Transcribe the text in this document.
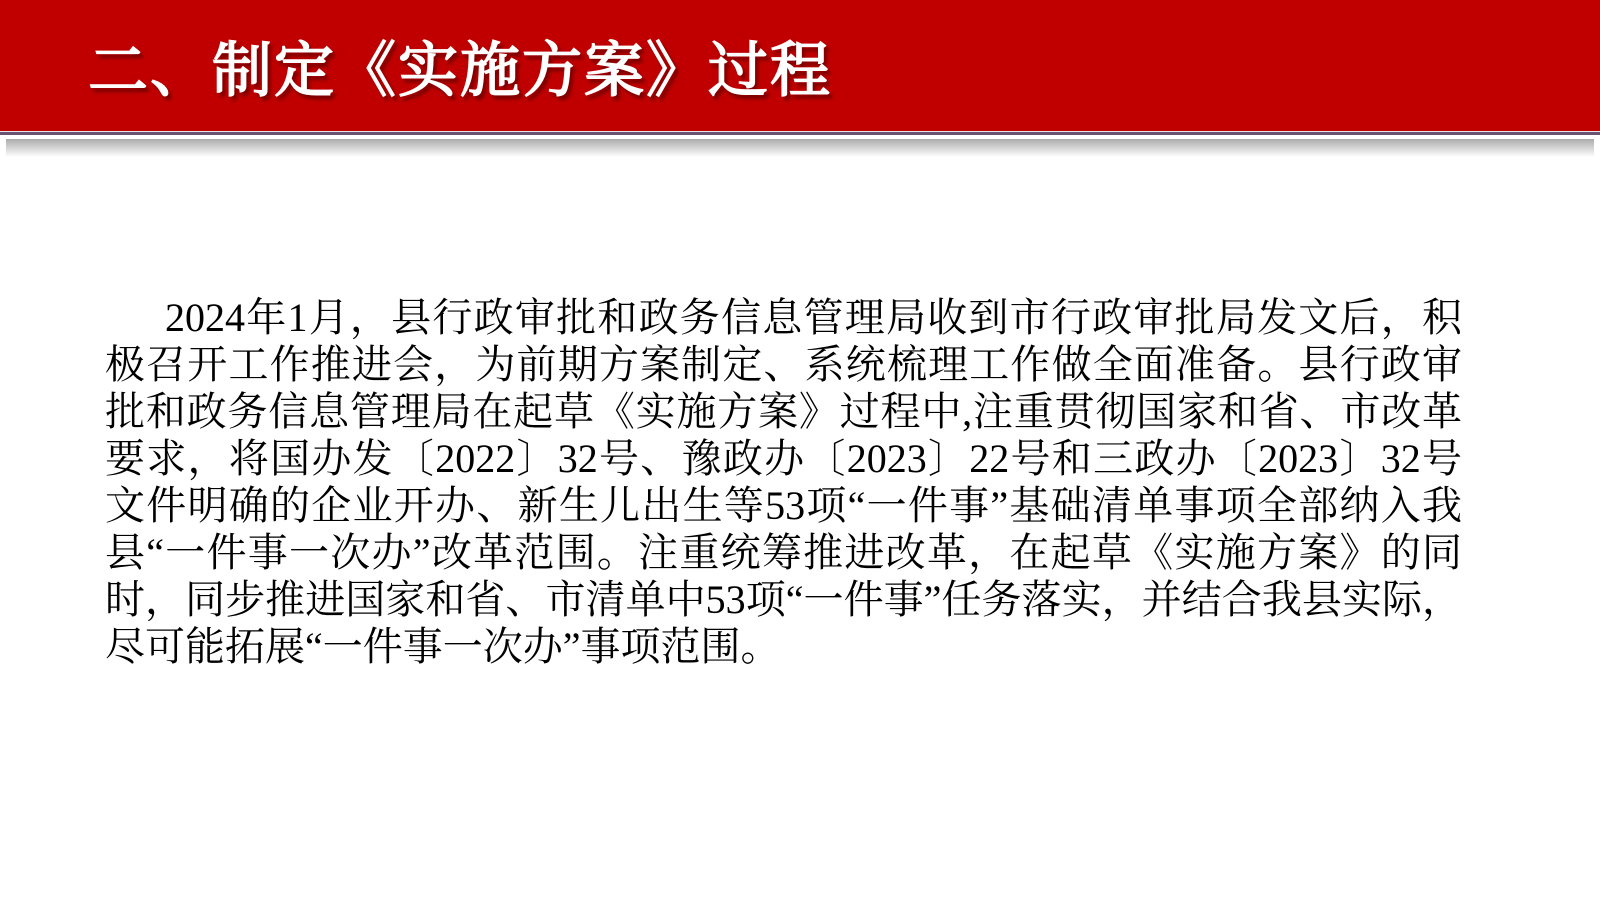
二、制定《实施方案》过程

2024年1月，县行政审批和政务信息管理局收到市行政审批局发文后，积极召开工作推进会，为前期方案制定、系统梳理工作做全面准备。县行政审批和政务信息管理局在起草《实施方案》过程中,注重贯彻国家和省、市改革要求，将国办发〔2022〕32号、豫政办〔2023〕22号和三政办〔2023〕32号文件明确的企业开办、新生儿出生等53项“一件事”基础清单事项全部纳入我县“一件事一次办”改革范围。注重统筹推进改革，在起草《实施方案》的同时，同步推进国家和省、市清单中53项“一件事”任务落实，并结合我县实际，尽可能拓展“一件事一次办”事项范围。
